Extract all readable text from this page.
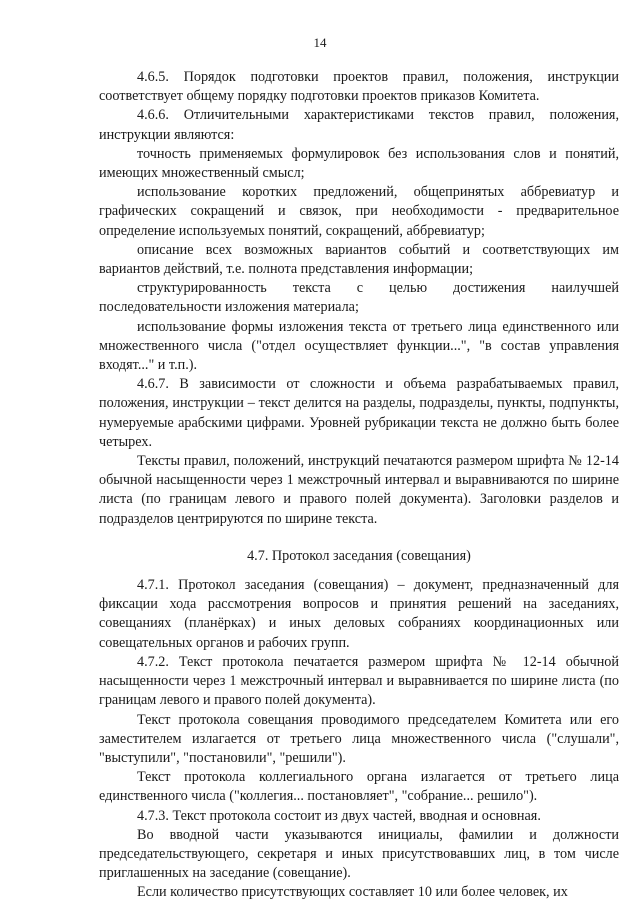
14

4.6.5. Порядок подготовки проектов правил, положения, инструкции соответствует общему порядку подготовки проектов приказов Комитета.

4.6.6. Отличительными характеристиками текстов правил, положения, инструкции являются:

точность применяемых формулировок без использования слов и понятий, имеющих множественный смысл;

использование коротких предложений, общепринятых аббревиатур и графических сокращений и связок, при необходимости - предварительное определение используемых понятий, сокращений, аббревиатур;

описание всех возможных вариантов событий и соответствующих им вариантов действий, т.е. полнота представления информации;

структурированность текста с целью достижения наилучшей последовательности изложения материала;

использование формы изложения текста от третьего лица единственного или множественного числа ("отдел осуществляет функции...", "в состав управления входят..." и т.п.).

4.6.7. В зависимости от сложности и объема разрабатываемых правил, положения, инструкции – текст делится на разделы, подразделы, пункты, подпункты, нумеруемые арабскими цифрами. Уровней рубрикации текста не должно быть более четырех.

Тексты правил, положений, инструкций печатаются размером шрифта № 12-14 обычной насыщенности через 1 межстрочный интервал и выравниваются по ширине листа (по границам левого и правого полей документа). Заголовки разделов и подразделов центрируются по ширине текста.

4.7. Протокол заседания (совещания)

4.7.1. Протокол заседания (совещания) – документ, предназначенный для фиксации хода рассмотрения вопросов и принятия решений на заседаниях, совещаниях (планёрках) и иных деловых собраниях координационных или совещательных органов и рабочих групп.

4.7.2. Текст протокола печатается размером шрифта № 12-14 обычной насыщенности через 1 межстрочный интервал и выравнивается по ширине листа (по границам левого и правого полей документа).

Текст протокола совещания проводимого председателем Комитета или его заместителем излагается от третьего лица множественного числа ("слушали", "выступили", "постановили", "решили").

Текст протокола коллегиального органа излагается от третьего лица единственного числа ("коллегия... постановляет", "собрание... решило").

4.7.3. Текст протокола состоит из двух частей, вводная и основная.

Во вводной части указываются инициалы, фамилии и должности председательствующего, секретаря и иных присутствовавших лиц, в том числе приглашенных на заседание (совещание).

Если количество присутствующих составляет 10 или более человек, их
